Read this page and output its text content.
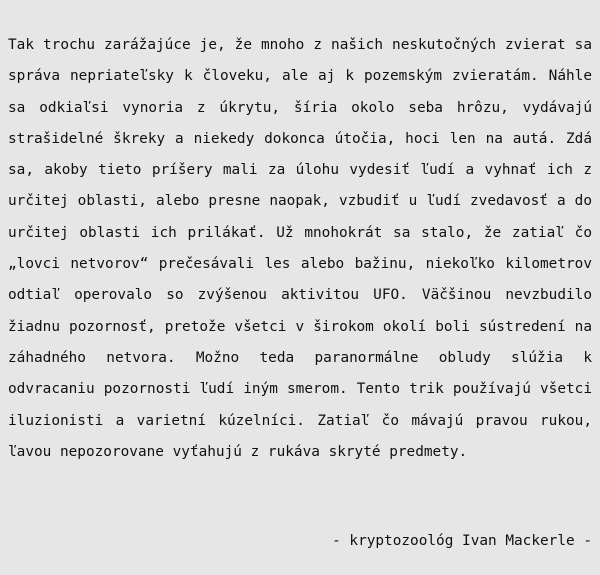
Tak trochu zarážajúce je, že mnoho z našich neskutočných zvierat sa správa nepriateľsky k človeku, ale aj k pozemským zvieratám. Náhle sa odkiaľsi vynoria z úkrytu, šíria okolo seba hrôzu, vydávajú strašidelné škreky a niekedy dokonca útočia, hoci len na autá. Zdá sa, akoby tieto príšery mali za úlohu vydesiť ľudí a vyhnať ich z určitej oblasti, alebo presne naopak, vzbudiť u ľudí zvedavosť a do určitej oblasti ich prilákať. Už mnohokrát sa stalo, že zatiaľ čo „lovci netvorov“ prečesávali les alebo bažinu, niekoľko kilometrov odtiaľ operovalo so zvýšenou aktivitou UFO. Väčšinou nevzbudilo žiadnu pozornosť, pretože všetci v širokom okolí boli sústredení na záhadného netvora. Možno teda paranormálne obludy slúžia k odvracaniu pozornosti ľudí iným smerom. Tento trik používajú všetci iluzionisti a varietní kúzelníci. Zatiaľ čo mávajú pravou rukou, ľavou nepozorovane vyťahujú z rukáva skryté predmety.

- kryptozoológ Ivan Mackerle -
